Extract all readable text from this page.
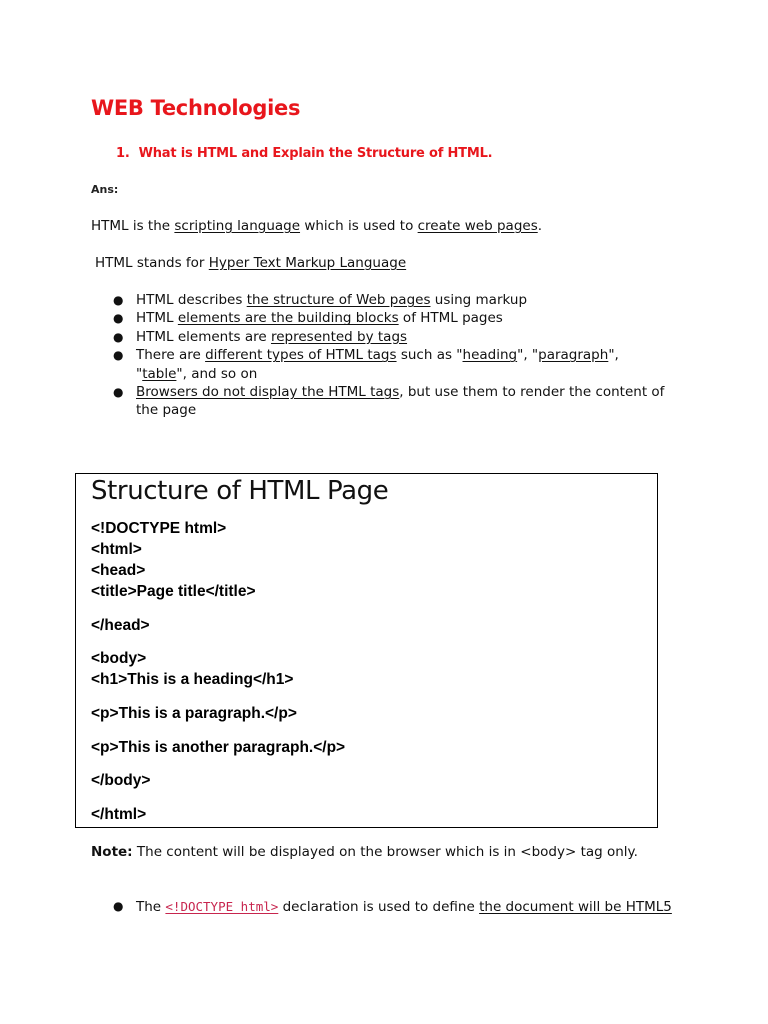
WEB Technologies

1. What is HTML and Explain the Structure of HTML.

Ans:

HTML is the scripting language which is used to create web pages.

HTML stands for Hyper Text Markup Language

● HTML describes the structure of Web pages using markup
● HTML elements are the building blocks of HTML pages
● HTML elements are represented by tags
● There are different types of HTML tags such as "heading", "paragraph", "table", and so on
● Browsers do not display the HTML tags, but use them to render the content of the page
Structure of HTML Page

<!DOCTYPE html>

<html>

<head>

<title>Page title</title>

</head>

<body>

<h1>This is a heading</h1>

<p>This is a paragraph.</p>

<p>This is another paragraph.</p>

</body>

</html>

Note: The content will be displayed on the browser which is in <body> tag only.

● The <!DOCTYPE html> declaration is used to define the document will be HTML5
